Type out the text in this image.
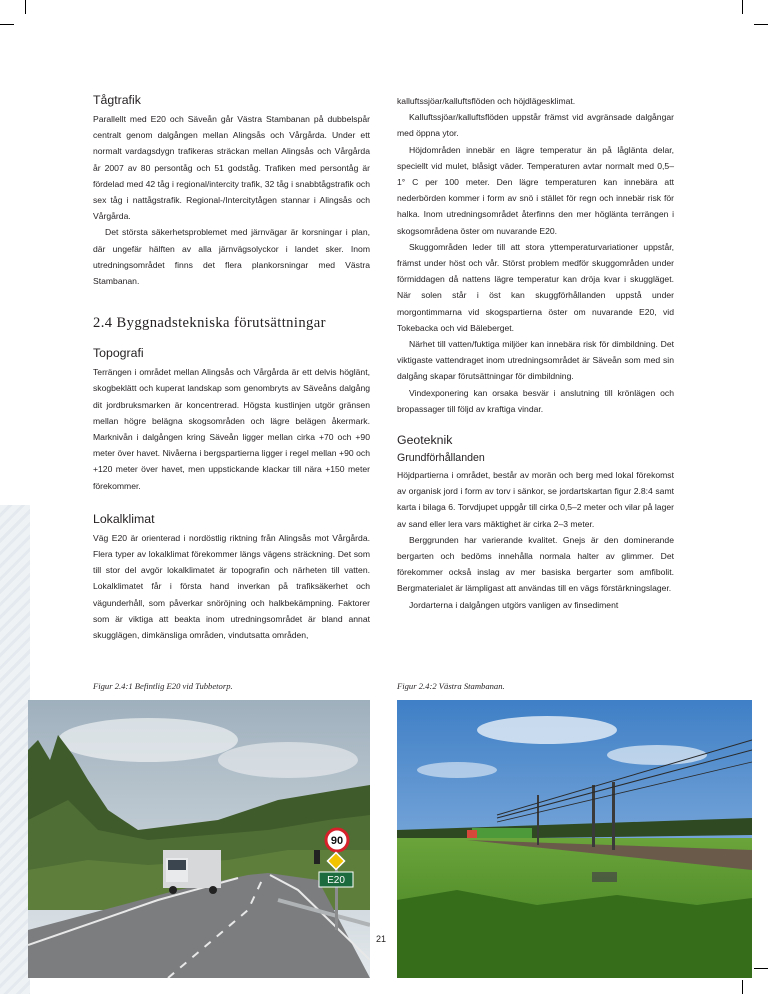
Tågtrafik

Parallellt med E20 och Säveån går Västra Stambanan på dubbelspår centralt genom dalgången mellan Alingsås och Vårgårda. Under ett normalt vardagsdygn trafikeras sträckan mellan Alingsås och Vårgårda år 2007 av 80 persontåg och 51 godståg. Trafiken med persontåg är fördelad med 42 tåg i regional/intercity trafik, 32 tåg i snabbtågstrafik och sex tåg i nattågstrafik. Regional-/Intercitytågen stannar i Alingsås och Vårgårda.

Det största säkerhetsproblemet med järnvägar är korsningar i plan, där ungefär hälften av alla järnvägsolyckor i landet sker. Inom utredningsområdet finns det flera plankorsningar med Västra Stambanan.

2.4 Byggnadstekniska förutsättningar
Topografi

Terrängen i området mellan Alingsås och Vårgårda är ett delvis höglänt, skogbeklätt och kuperat landskap som genombryts av Säveåns dalgång dit jordbruksmarken är koncentrerad. Högsta kustlinjen utgör gränsen mellan högre belägna skogsområden och lägre belägen åkermark. Marknivån i dalgången kring Säveån ligger mellan cirka +70 och +90 meter över havet. Nivåerna i bergspartierna ligger i regel mellan +90 och +120 meter över havet, men uppstickande klackar till nära +150 meter förekommer.

Lokalklimat

Väg E20 är orienterad i nordöstlig riktning från Alingsås mot Vårgårda. Flera typer av lokalklimat förekommer längs vägens sträckning. Det som till stor del avgör lokalklimatet är topografin och närheten till vatten. Lokalklimatet får i första hand inverkan på trafiksäkerhet och vägunderhåll, som påverkar snöröjning och halkbekämpning. Faktorer som är viktiga att beakta inom utredningsområdet är bland annat skugglägen, dimkänsliga områden, vindutsatta områden,

kalluftssjöar/kalluftsflöden och höjdlägesklimat.

Kalluftssjöar/kalluftsflöden uppstår främst vid avgränsade dalgångar med öppna ytor.

Höjdområden innebär en lägre temperatur än på låglänta delar, speciellt vid mulet, blåsigt väder. Temperaturen avtar normalt med 0,5–1° C per 100 meter. Den lägre temperaturen kan innebära att nederbörden kommer i form av snö i stället för regn och innebär risk för halka. Inom utredningsområdet återfinns den mer höglänta terrängen i skogsområdena öster om nuvarande E20.

Skuggområden leder till att stora yttemperaturvariationer uppstår, främst under höst och vår. Störst problem medför skuggområden under förmiddagen då nattens lägre temperatur kan dröja kvar i skuggläget. När solen står i öst kan skuggförhållanden uppstå under morgontimmarna vid skogspartierna öster om nuvarande E20, vid Tokebacka och vid Bäleberget.

Närhet till vatten/fuktiga miljöer kan innebära risk för dimbildning. Det viktigaste vattendraget inom utredningsområdet är Säveån som med sin dalgång skapar förutsättningar för dimbildning.

Vindexponering kan orsaka besvär i anslutning till krönlägen och bropassager till följd av kraftiga vindar.

Geoteknik
Grundförhållanden

Höjdpartierna i området, består av morän och berg med lokal förekomst av organisk jord i form av torv i sänkor, se jordartskartan figur 2.8:4 samt karta i bilaga 6. Torvdjupet uppgår till cirka 0,5–2 meter och vilar på lager av sand eller lera vars mäktighet är cirka 2–3 meter.

Berggrunden har varierande kvalitet. Gnejs är den dominerande bergarten och bedöms innehålla normala halter av glimmer. Det förekommer också inslag av mer basiska bergarter som amfibolit. Bergmaterialet är lämpligast att användas till en vägs förstärkningslager.

Jordarterna i dalgången utgörs vanligen av finsediment

Figur 2.4:1 Befintlig E20 vid Tubbetorp.	Figur 2.4:2 Västra Stambanan.
90
E20
21
